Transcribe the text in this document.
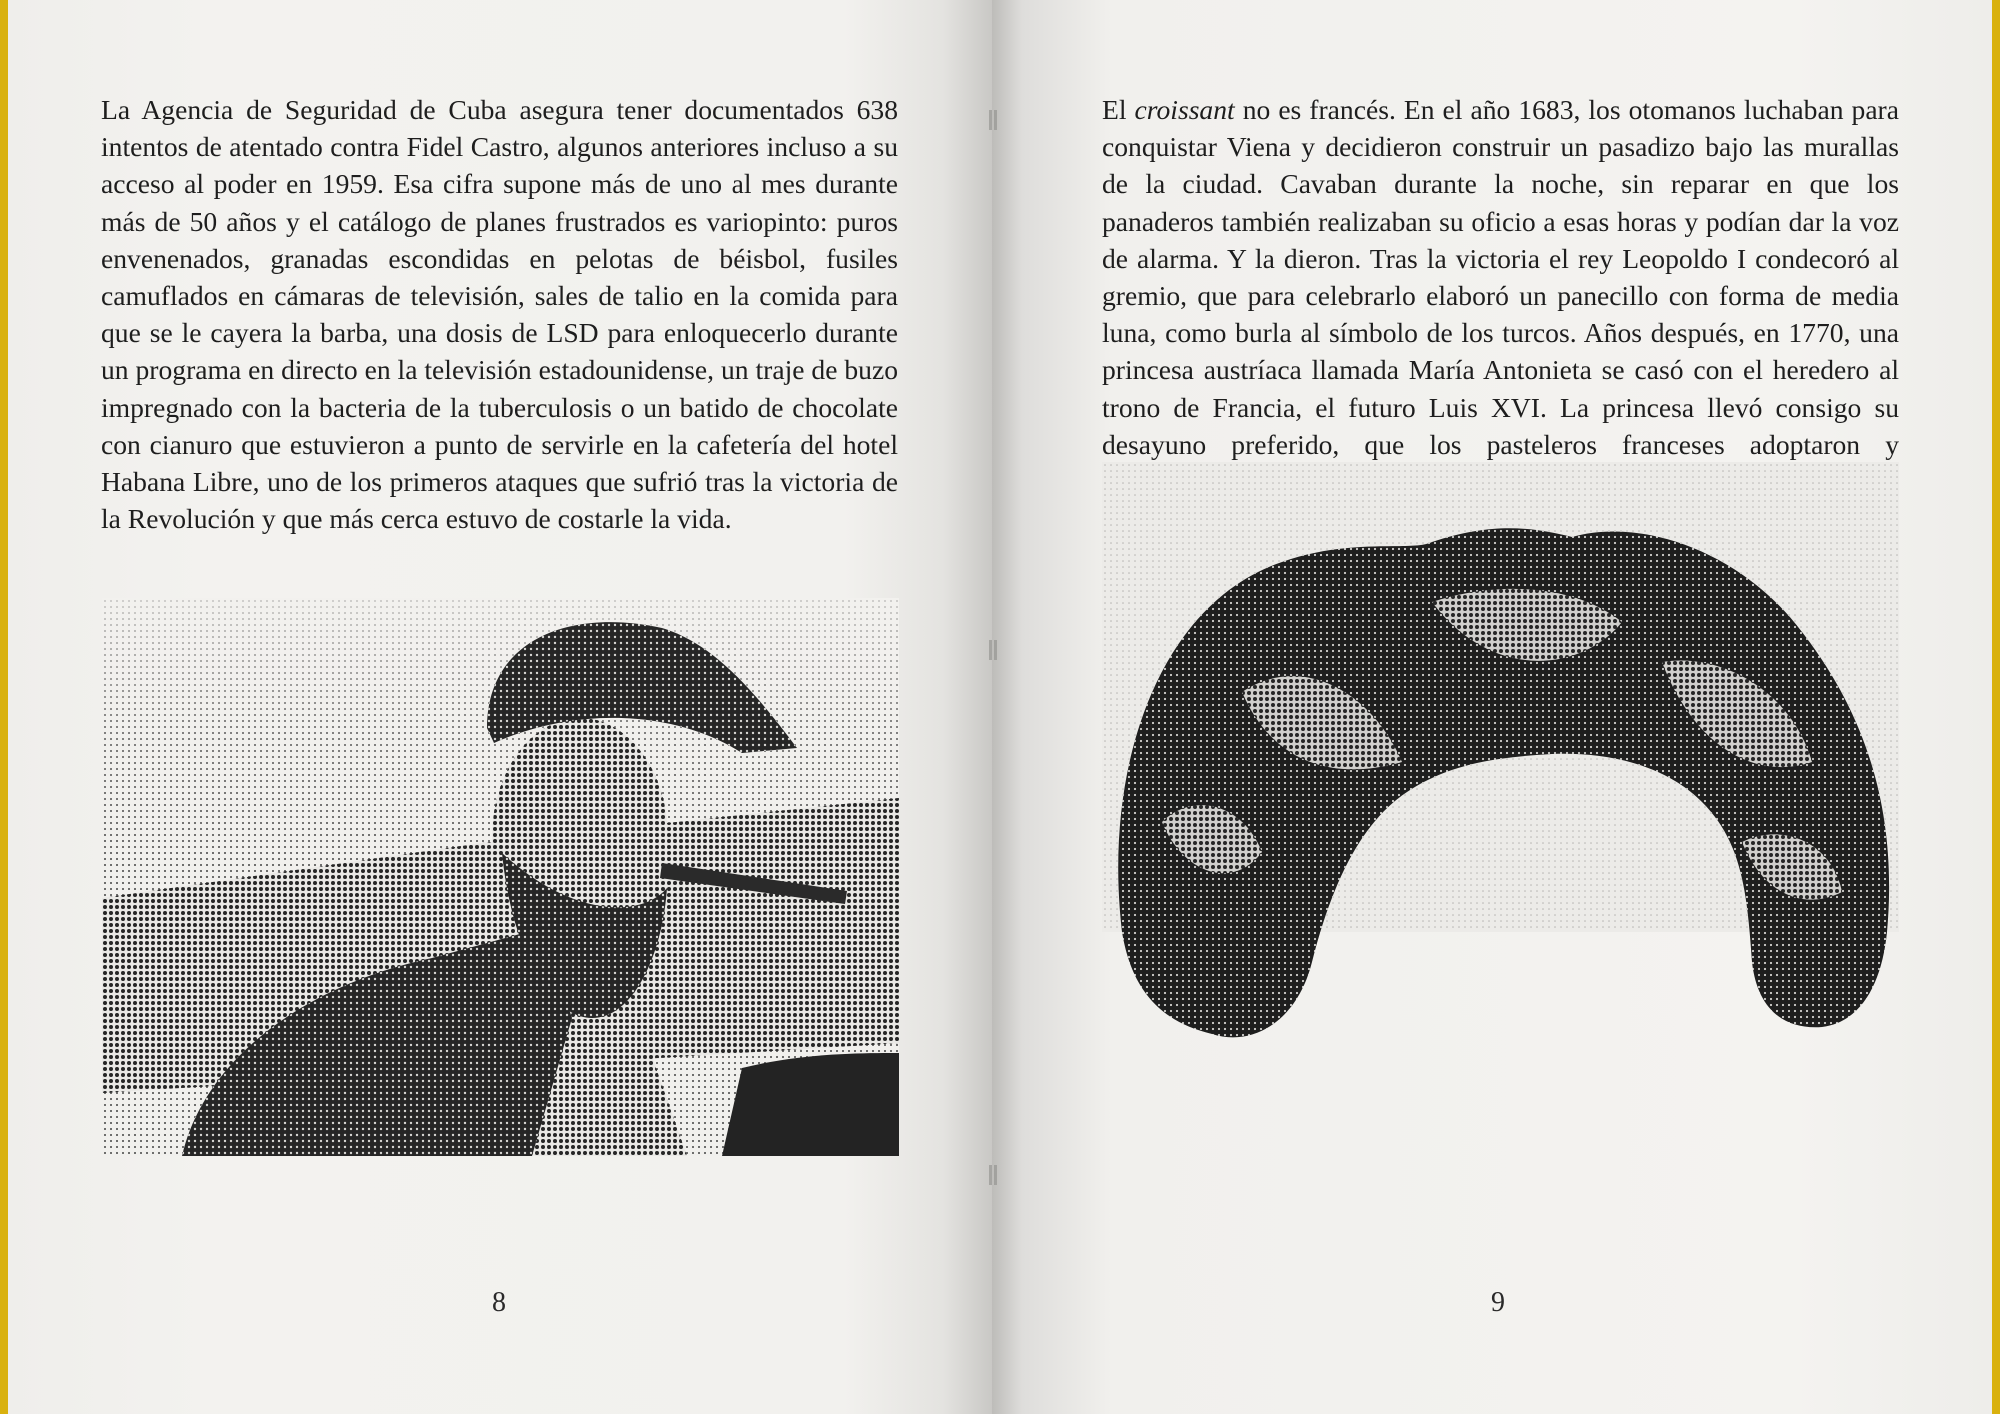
La Agencia de Seguridad de Cuba asegura tener documentados 638 intentos de atentado contra Fidel Castro, algunos anteriores incluso a su acceso al poder en 1959. Esa cifra supone más de uno al mes durante más de 50 años y el catálogo de planes frustrados es variopinto: puros envenenados, granadas escondidas en pelotas de béisbol, fusiles camuflados en cámaras de televisión, sales de talio en la comida para que se le cayera la barba, una dosis de LSD para enloquecerlo durante un programa en directo en la televisión estadounidense, un traje de buzo impregnado con la bacteria de la tuberculosis o un batido de chocolate con cianuro que estuvieron a punto de servirle en la cafetería del hotel Habana Libre, uno de los primeros ataques que sufrió tras la victoria de la Revolución y que más cerca estuvo de costarle la vida.

8

El croissant no es francés. En el año 1683, los otomanos luchaban para conquistar Viena y decidieron construir un pasadizo bajo las murallas de la ciudad. Cavaban durante la noche, sin reparar en que los panaderos también realizaban su oficio a esas horas y podían dar la voz de alarma. Y la dieron. Tras la victoria el rey Leopoldo I condecoró al gremio, que para celebrarlo elaboró un panecillo con forma de media luna, como burla al símbolo de los turcos. Años después, en 1770, una princesa austríaca llamada María Antonieta se casó con el heredero al trono de Francia, el futuro Luis XVI. La princesa llevó consigo su desayuno preferido, que los pasteleros franceses adoptaron y

9
